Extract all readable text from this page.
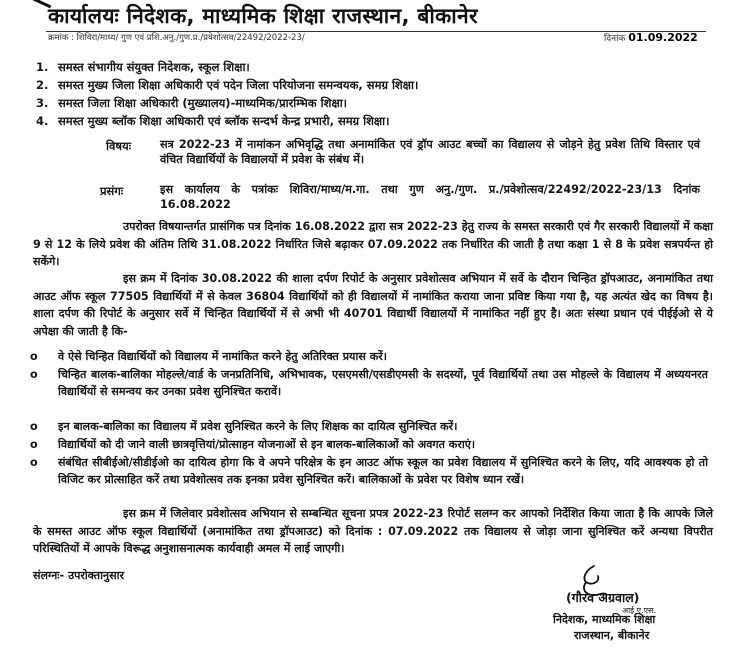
कार्यालयः निदेशक, माध्यमिक शिक्षा राजस्थान, बीकानेर
क्रमांक : शिविरा/माध्य/ गुण एवं प्रशि.अनु./गुण.प्र./प्रवेशोत्सव/22492/2022-23/	दिनांक 01.09.2022
1. समस्त संभागीय संयुक्त निदेशक, स्कूल शिक्षा।
2. समस्त मुख्य जिला शिक्षा अधिकारी एवं पदेन जिला परियोजना समन्वयक, समग्र शिक्षा।
3. समस्त जिला शिक्षा अधिकारी (मुख्यालय)-माध्यमिक/प्रारम्भिक शिक्षा।
4. समस्त मुख्य ब्लॉक शिक्षा अधिकारी एवं ब्लॉक सन्दर्भ केन्द्र प्रभारी, समग्र शिक्षा।
विषयः	सत्र 2022-23 में नामांकन अभिवृद्धि तथा अनामांकित एवं ड्रॉप आउट बच्चों का विद्यालय से जोड़ने हेतु प्रवेश तिथि विस्तार एवं वंचित विद्यार्थियों के विद्यालयों में प्रवेश के संबंध में।
प्रसंगः	इस कार्यालय के पत्रांकः शिविरा/माध्य/म.गा. तथा गुण अनु./गुण. प्र./प्रवेशोत्सव/22492/2022-23/13 दिनांक 16.08.2022
उपरोक्त विषयान्तर्गत प्रासंगिक पत्र दिनांक 16.08.2022 द्वारा सत्र 2022-23 हेतु राज्य के समस्त सरकारी एवं गैर सरकारी विद्यालयों में कक्षा 9 से 12 के लिये प्रवेश की अंतिम तिथि 31.08.2022 निर्धारित जिसे बढ़ाकर 07.09.2022 तक निर्धारित की जाती है तथा कक्षा 1 से 8 के प्रवेश सत्रपर्यन्त हो सकेंगे।
इस क्रम में दिनांक 30.08.2022 की शाला दर्पण रिपोर्ट के अनुसार प्रवेशोत्सव अभियान में सर्वे के दौरान चिन्हित ड्रॉपआउट, अनामांकित तथा आउट ऑफ स्कूल 77505 विद्यार्थियों में से केवल 36804 विद्यार्थियों को ही विद्यालयों में नामांकित कराया जाना प्रविष्ट किया गया है, यह अत्यंत खेद का विषय है। शाला दर्पण की रिपोर्ट के अनुसार सर्वे में चिन्हित विद्यार्थियों में से अभी भी 40701 विद्यार्थी विद्यालयों में नामांकित नहीं हुए है। अतः संस्था प्रधान एवं पीईईओ से ये अपेक्षा की जाती है कि-
o वे ऐसे चिन्हित विद्यार्थियों को विद्यालय में नामांकित करने हेतु अतिरिक्त प्रयास करें।
o चिन्हित बालक-बालिका मोहल्ले/वार्ड के जनप्रतिनिधि, अभिभावक, एसएमसी/एसडीएमसी के सदस्यों, पूर्व विद्यार्थियों तथा उस मोहल्ले के विद्यालय में अध्ययनरत विद्यार्थियों से समन्वय कर उनका प्रवेश सुनिश्चित करावें।
o इन बालक-बालिका का विद्यालय में प्रवेश सुनिश्चित करने के लिए शिक्षक का दायित्व सुनिश्चित करें।
o विद्यार्थियों को दी जाने वाली छात्रवृत्तियां/प्रोत्साहन योजनाओं से इन बालक-बालिकाओं को अवगत कराएं।
o संबंधित सीबीईओ/सीडीईओ का दायित्व होगा कि वे अपने परिक्षेत्र के इन आउट ऑफ स्कूल का प्रवेश विद्यालय में सुनिश्चित करने के लिए, यदि आवश्यक हो तो विजिट कर प्रोत्साहित करें तथा प्रवेशोत्सव तक इनका प्रवेश सुनिश्चित करें। बालिकाओं के प्रवेश पर विशेष ध्यान रखें।
इस क्रम में जिलेवार प्रवेशोत्सव अभियान से सम्बन्धित सूचना प्रपत्र 2022-23 रिपोर्ट सलग्न कर आपको निर्देशित किया जाता है कि आपके जिले के समस्त आउट ऑफ स्कूल विद्यार्थियों (अनामांकित तथा ड्रॉपआउट) को दिनांक : 07.09.2022 तक विद्यालय से जोड़ा जाना सुनिश्चित करें अन्यथा विपरीत परिस्थितियों में आपके विरूद्ध अनुशासनात्मक कार्यवाही अमल में लाई जाएगी।
संलग्नः- उपरोक्तानुसार
(गौरव अग्रवाल)
आई ए.एस.
निदेशक, माध्यमिक शिक्षा
राजस्थान, बीकानेर
